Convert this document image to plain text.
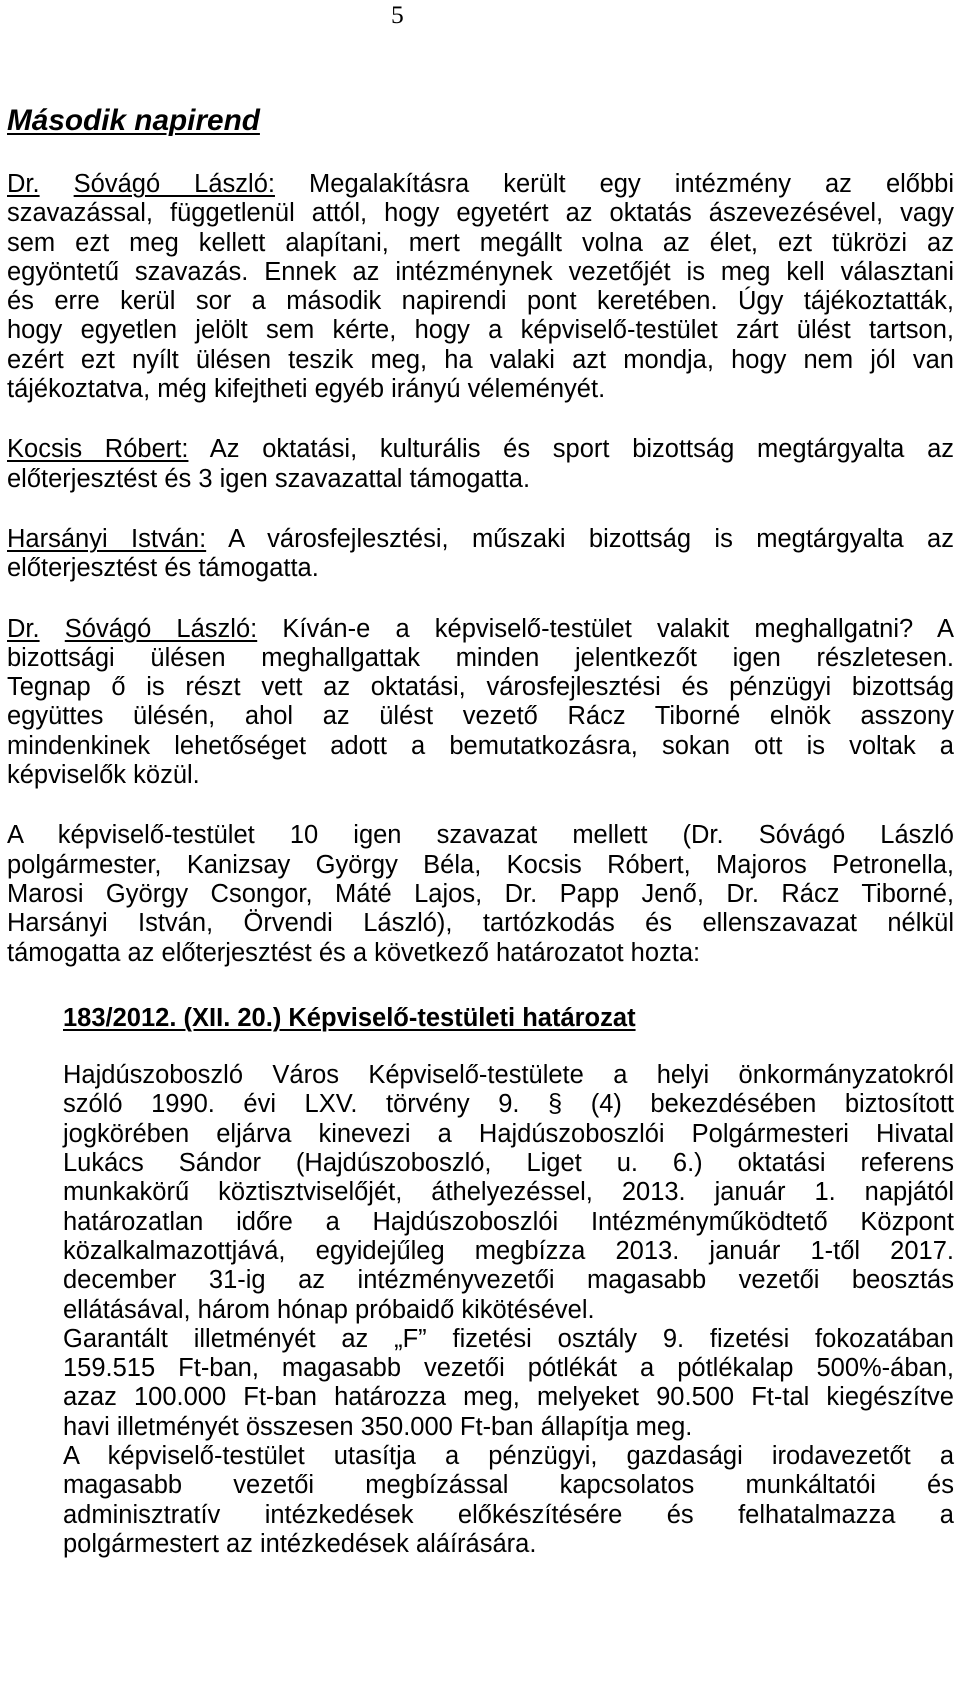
5
Második napirend
Dr. Sóvágó László: Megalakításra került egy intézmény az előbbi
szavazással, függetlenül attól, hogy egyetért az oktatás ászevezésével, vagy
sem ezt meg kellett alapítani, mert megállt volna az élet, ezt tükrözi az
egyöntetű szavazás. Ennek az intézménynek vezetőjét is meg kell választani
és erre kerül sor a második napirendi pont keretében. Úgy tájékoztatták,
hogy egyetlen jelölt sem kérte, hogy a képviselő-testület zárt ülést tartson,
ezért ezt nyílt ülésen teszik meg, ha valaki azt mondja, hogy nem jól van
tájékoztatva, még kifejtheti egyéb irányú véleményét.
Kocsis Róbert: Az oktatási, kulturális és sport bizottság megtárgyalta az
előterjesztést és 3 igen szavazattal támogatta.
Harsányi István: A városfejlesztési, műszaki bizottság is megtárgyalta az
előterjesztést és támogatta.
Dr. Sóvágó László: Kíván-e a képviselő-testület valakit meghallgatni? A
bizottsági ülésen meghallgattak minden jelentkezőt igen részletesen.
Tegnap ő is részt vett az oktatási, városfejlesztési és pénzügyi bizottság
együttes ülésén, ahol az ülést vezető Rácz Tiborné elnök asszony
mindenkinek lehetőséget adott a bemutatkozásra, sokan ott is voltak a
képviselők közül.
A képviselő-testület 10 igen szavazat mellett (Dr. Sóvágó László
polgármester, Kanizsay György Béla, Kocsis Róbert, Majoros Petronella,
Marosi György Csongor, Máté Lajos, Dr. Papp Jenő, Dr. Rácz Tiborné,
Harsányi István, Örvendi László), tartózkodás és ellenszavazat nélkül
támogatta az előterjesztést és a következő határozatot hozta:
183/2012. (XII. 20.) Képviselő-testületi határozat
Hajdúszoboszló Város Képviselő-testülete a helyi önkormányzatokról
szóló 1990. évi LXV. törvény 9. § (4) bekezdésében biztosított
jogkörében eljárva kinevezi a Hajdúszoboszlói Polgármesteri Hivatal
Lukács Sándor (Hajdúszoboszló, Liget u. 6.) oktatási referens
munkakörű köztisztviselőjét, áthelyezéssel, 2013. január 1. napjától
határozatlan időre a Hajdúszoboszlói Intézményműködtető Központ
közalkalmazottjává, egyidejűleg megbízza 2013. január 1-től 2017.
december 31-ig az intézményvezetői magasabb vezetői beosztás
ellátásával, három hónap próbaidő kikötésével.
Garantált illetményét az „F” fizetési osztály 9. fizetési fokozatában
159.515 Ft-ban, magasabb vezetői pótlékát a pótlékalap 500%-ában,
azaz 100.000 Ft-ban határozza meg, melyeket 90.500 Ft-tal kiegészítve
havi illetményét összesen 350.000 Ft-ban állapítja meg.
A képviselő-testület utasítja a pénzügyi, gazdasági irodavezetőt a
magasabb vezetői megbízással kapcsolatos munkáltatói és
adminisztratív intézkedések előkészítésére és felhatalmazza a
polgármestert az intézkedések aláírására.
